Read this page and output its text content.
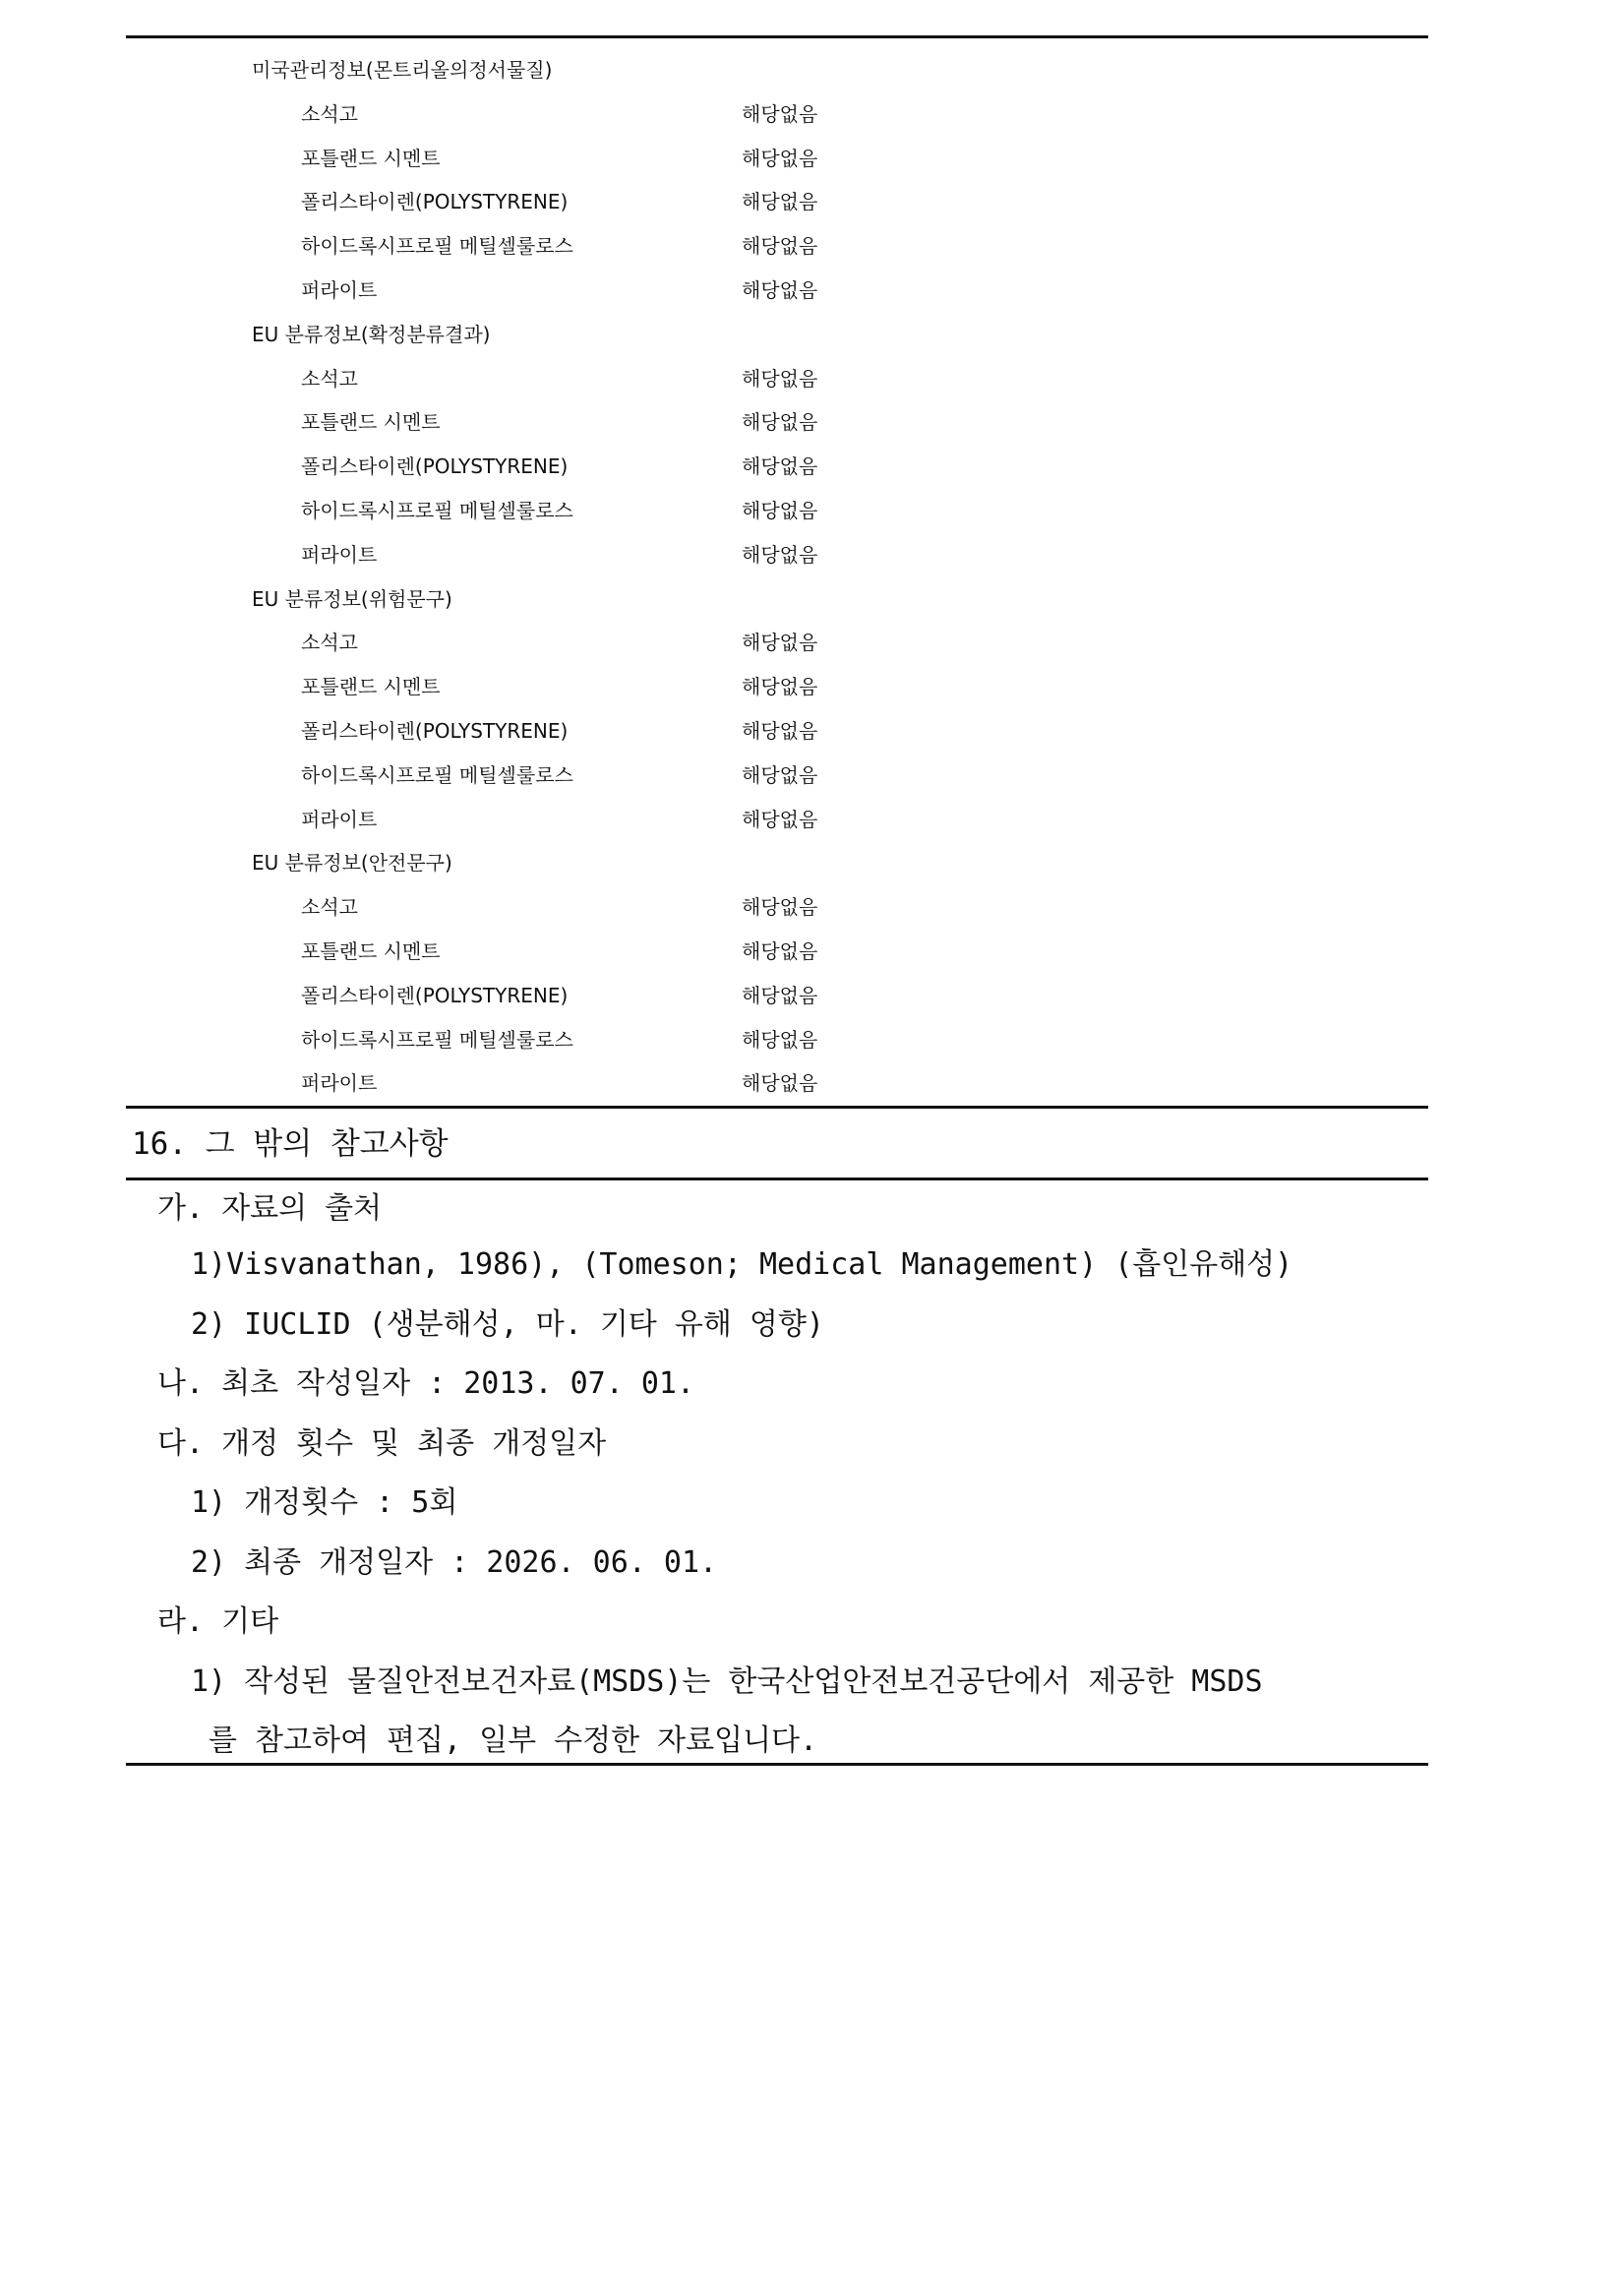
미국관리정보(몬트리올의정서물질)
소석고	해당없음
포틀랜드 시멘트	해당없음
폴리스타이렌(POLYSTYRENE)	해당없음
하이드록시프로필 메틸셀룰로스	해당없음
퍼라이트	해당없음
EU 분류정보(확정분류결과)
소석고	해당없음
포틀랜드 시멘트	해당없음
폴리스타이렌(POLYSTYRENE)	해당없음
하이드록시프로필 메틸셀룰로스	해당없음
퍼라이트	해당없음
EU 분류정보(위험문구)
소석고	해당없음
포틀랜드 시멘트	해당없음
폴리스타이렌(POLYSTYRENE)	해당없음
하이드록시프로필 메틸셀룰로스	해당없음
퍼라이트	해당없음
EU 분류정보(안전문구)
소석고	해당없음
포틀랜드 시멘트	해당없음
폴리스타이렌(POLYSTYRENE)	해당없음
하이드록시프로필 메틸셀룰로스	해당없음
퍼라이트	해당없음
16. 그 밖의 참고사항
가. 자료의 출처
1)Visvanathan, 1986), (Tomeson; Medical Management) (흡인유해성)
2) IUCLID (생분해성, 마. 기타 유해 영향)
나. 최초 작성일자 : 2013. 07. 01.
다. 개정 횟수 및 최종 개정일자
1) 개정횟수 : 5회
2) 최종 개정일자 : 2026. 06. 01.
라. 기타
1) 작성된 물질안전보건자료(MSDS)는 한국산업안전보건공단에서 제공한 MSDS
를 참고하여 편집, 일부 수정한 자료입니다.
